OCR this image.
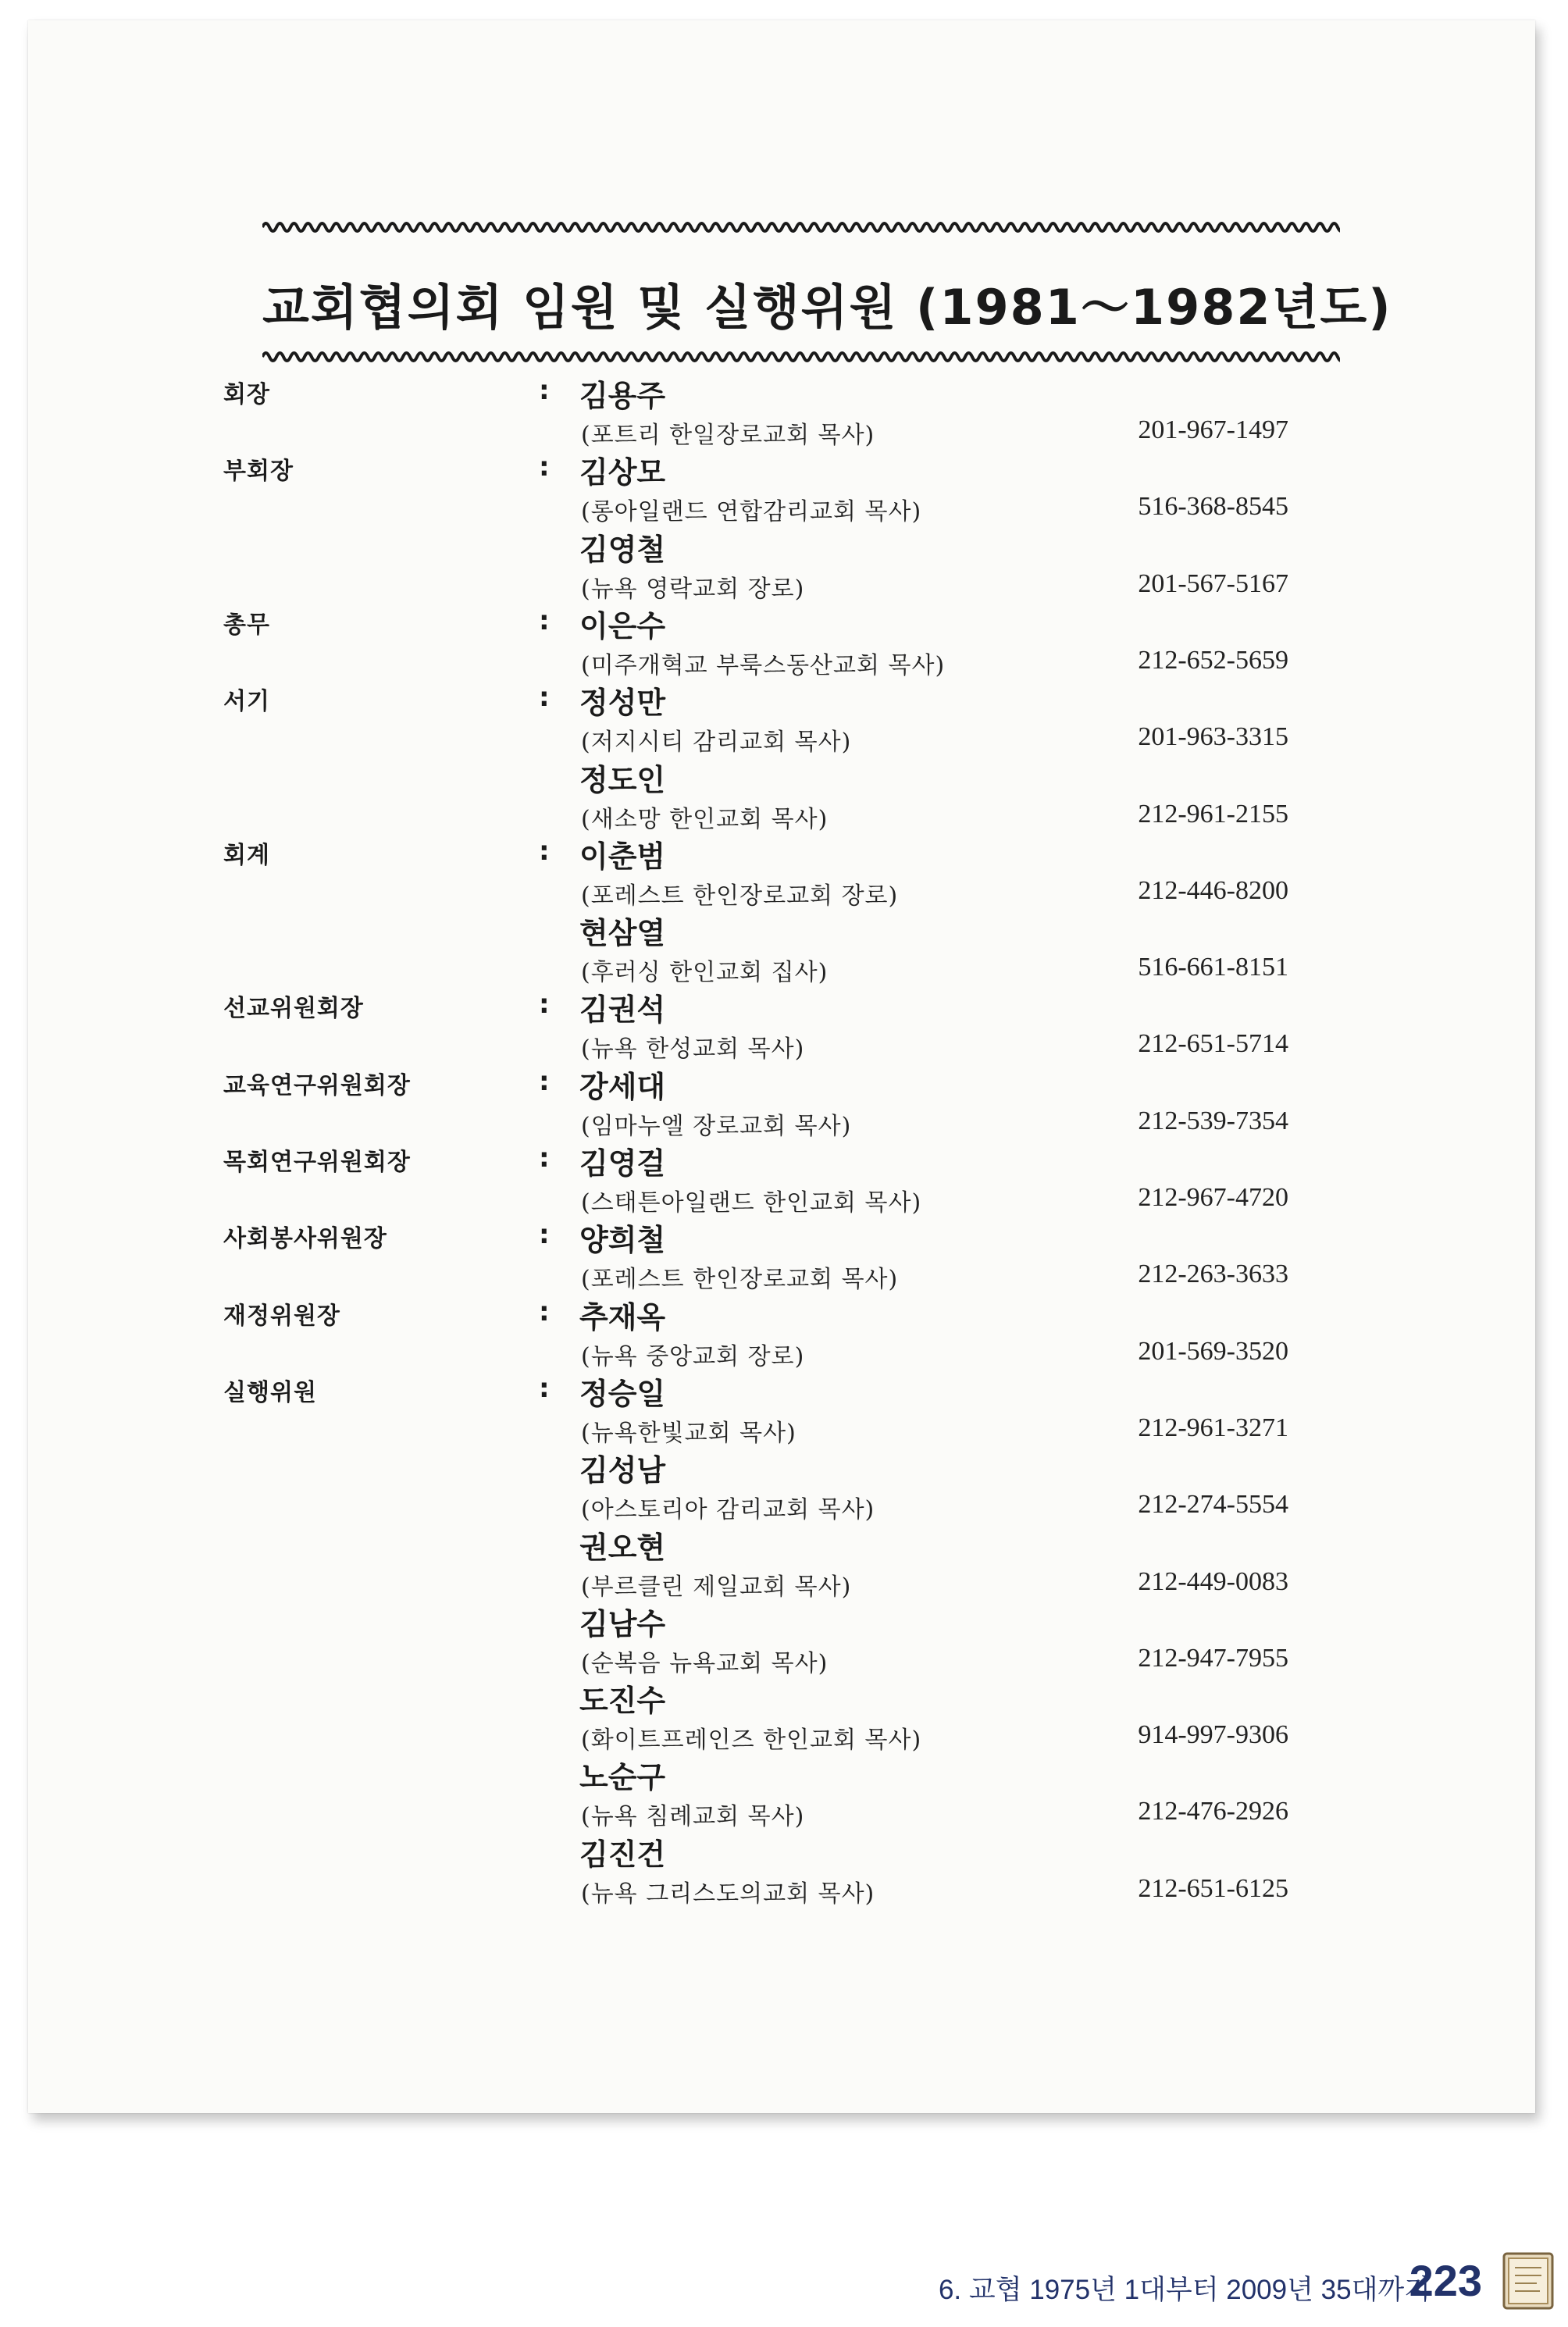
교회협의회 임원 및 실행위원 (1981～1982년도)
회장	: 김용주
(포트리 한일장로교회 목사)	201-967-1497
부회장	: 김상모
(롱아일랜드 연합감리교회 목사)	516-368-8545
김영철
(뉴욕 영락교회 장로)	201-567-5167
총무	: 이은수
(미주개혁교 부룩스동산교회 목사)	212-652-5659
서기	: 정성만
(저지시티 감리교회 목사)	201-963-3315
정도인
(새소망 한인교회 목사)	212-961-2155
회계	: 이춘범
(포레스트 한인장로교회 장로)	212-446-8200
현삼열
(후러싱 한인교회 집사)	516-661-8151
선교위원회장	: 김권석
(뉴욕 한성교회 목사)	212-651-5714
교육연구위원회장	: 강세대
(임마누엘 장로교회 목사)	212-539-7354
목회연구위원회장	: 김영걸
(스태튼아일랜드 한인교회 목사)	212-967-4720
사회봉사위원장	: 양희철
(포레스트 한인장로교회 목사)	212-263-3633
재정위원장	: 추재옥
(뉴욕 중앙교회 장로)	201-569-3520
실행위원	: 정승일
(뉴욕한빛교회 목사)	212-961-3271
김성남
(아스토리아 감리교회 목사)	212-274-5554
권오현
(부르클린 제일교회 목사)	212-449-0083
김남수
(순복음 뉴욕교회 목사)	212-947-7955
도진수
(화이트프레인즈 한인교회 목사)	914-997-9306
노순구
(뉴욕 침례교회 목사)	212-476-2926
김진건
(뉴욕 그리스도의교회 목사)	212-651-6125
6. 교협 1975년 1대부터 2009년 35대까지
223
